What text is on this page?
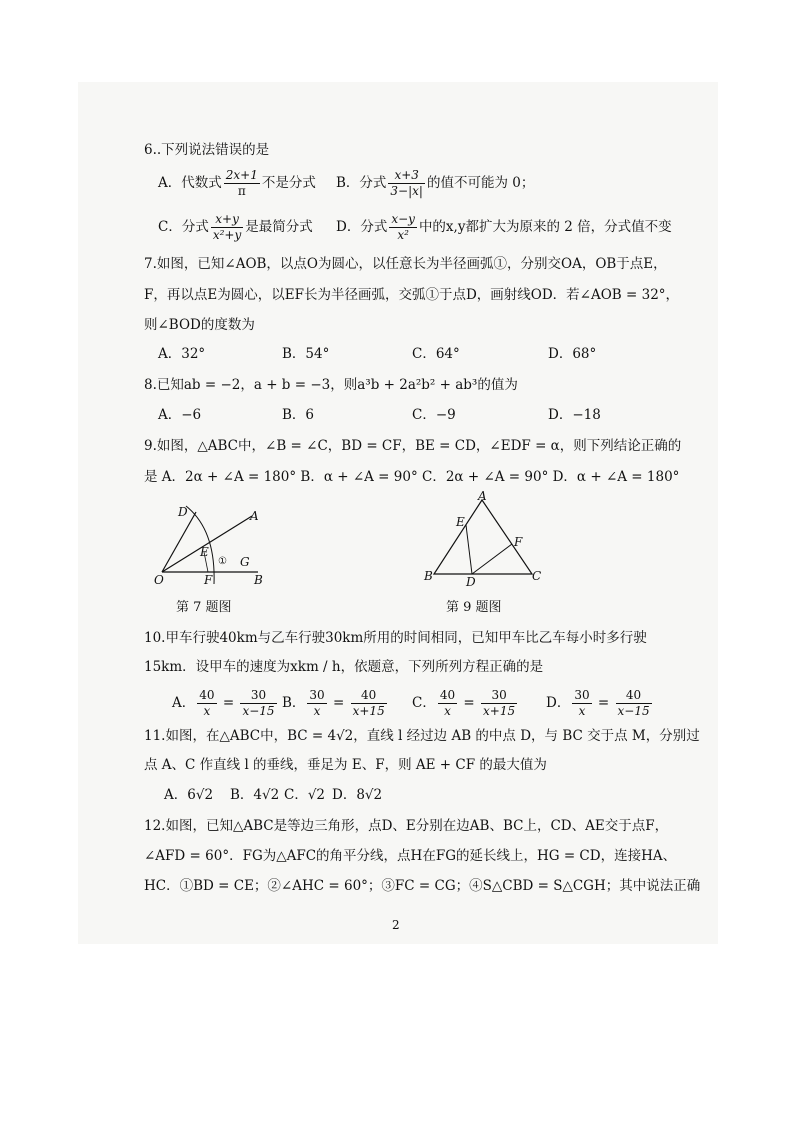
6..下列说法错误的是
A．代数式 $\frac{2x+1}{\pi}$ 不是分式 B．分式 $\frac{x+3}{3-|x|}$ 的值不可能为 0；
C．分式 $\frac{x+y}{\text{x²+y}}$ 是最简分式 D．分式 $\frac{x-y}{\text{x²}}$ 中的x,y都扩大为原来的 2 倍，分式值不变
7.如图，已知∠AOB，以点O为圆心，以任意长为半径画弧①，分别交OA，OB于点E，
F，再以点E为圆心，以EF长为半径画弧，交弧①于点D，画射线OD．若∠AOB = 32°，
则∠BOD的度数为
A．32°	B．54°	C．64°	D．68°
8.已知ab = −2，a + b = −3，则a³b + 2a²b² + ab³的值为
A．−6	B．6	C．−9	D．−18
9.如图，△ABC中，∠B = ∠C，BD = CF，BE = CD，∠EDF = α，则下列结论正确的
是 A．2α + ∠A = 180° B．α + ∠A = 90° C．2α + ∠A = 90° D．α + ∠A = 180°
D	A
E
① G
O	F	B
第 7 题图
A
E
F
B	D	C
第 9 题图
10.甲车行驶40km与乙车行驶30km所用的时间相同，已知甲车比乙车每小时多行驶
15km．设甲车的速度为xkm / h，依题意，下列所列方程正确的是
A． $\frac{40}{x} = \frac{30}{x-15}$ B． $\frac{30}{x} = \frac{40}{x+15}$ C． $\frac{40}{x} = \frac{30}{x+15}$ D． $\frac{30}{x} = \frac{40}{x-15}$
11.如图，在△ABC中，BC = 4√2，直线 l 经过边 AB 的中点 D，与 BC 交于点 M，分别过
点 A、C 作直线 l 的垂线，垂足为 E、F，则 AE + CF 的最大值为
A．6√2 B．4√2 C．√2 D．8√2
12.如图，已知△ABC是等边三角形，点D、E分别在边AB、BC上，CD、AE交于点F，
∠AFD = 60°．FG为△AFC的角平分线，点H在FG的延长线上，HG = CD，连接HA、
HC．①BD = CE；②∠AHC = 60°；③FC = CG；④S△CBD = S△CGH；其中说法正确
2
